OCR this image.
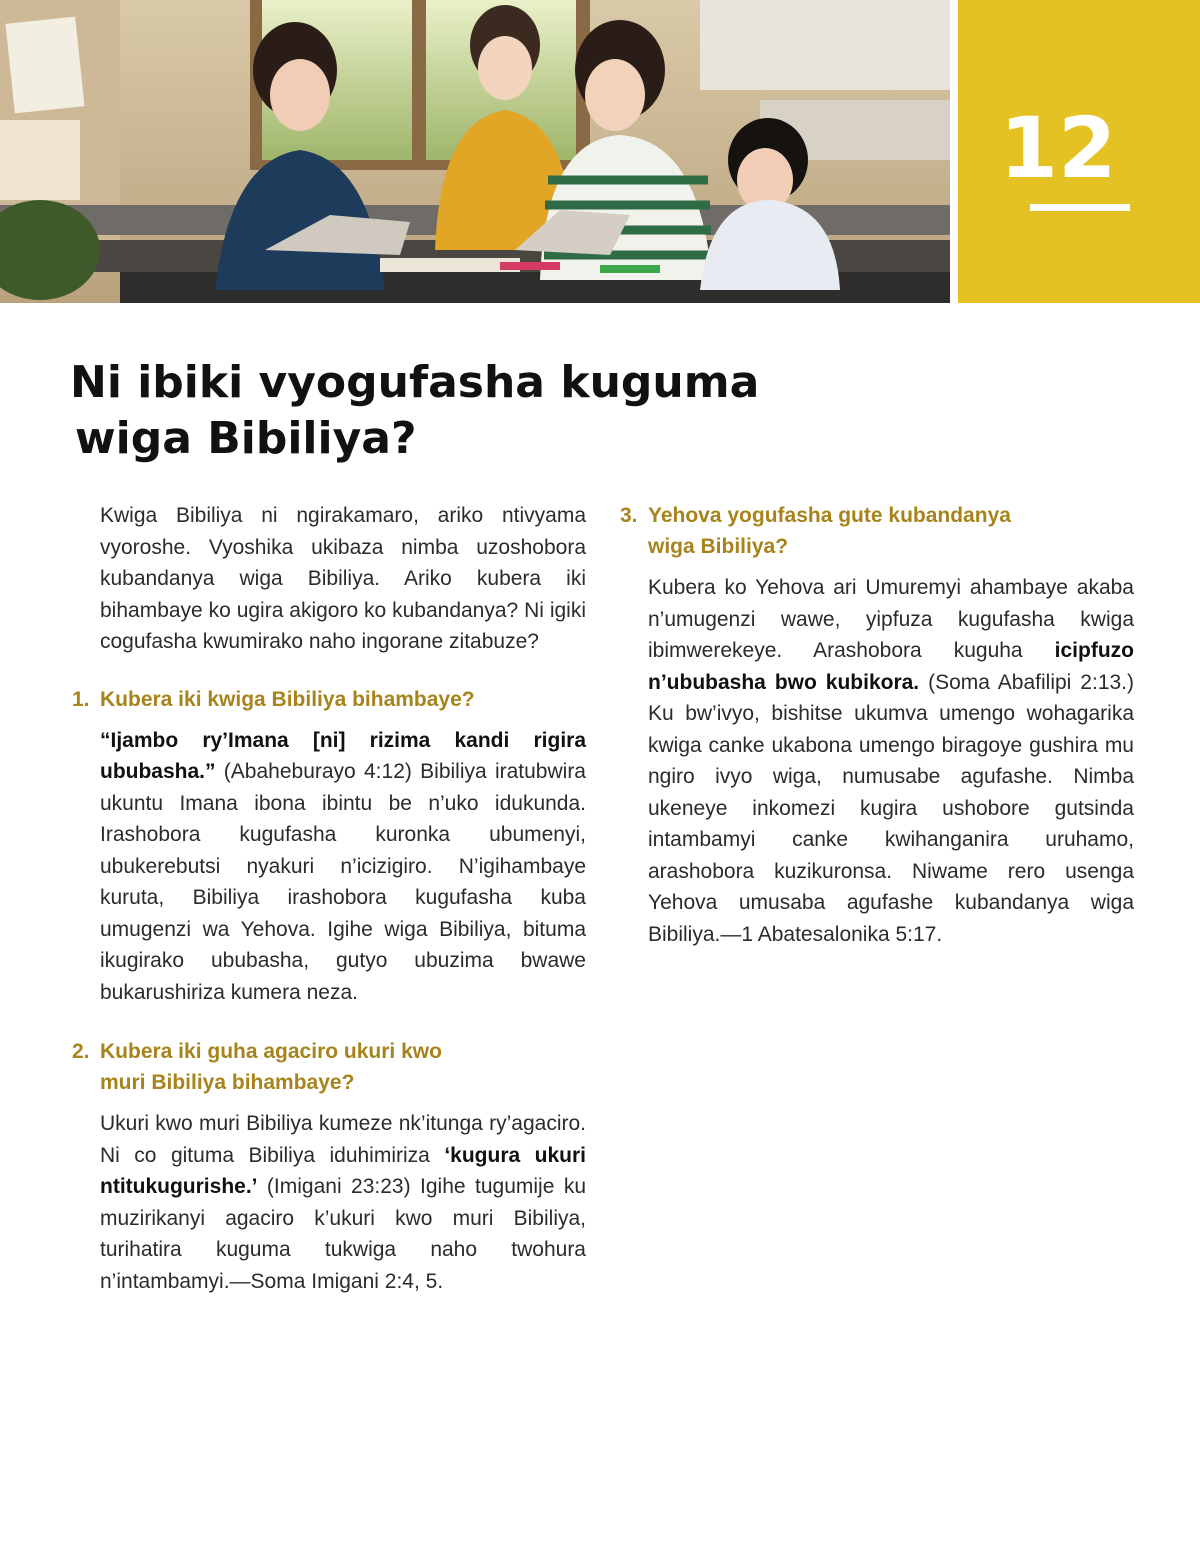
12
Ni ibiki vyogufasha kuguma
wiga Bibiliya?

Kwiga Bibiliya ni ngirakamaro, ariko ntivyama vyoroshe. Vyoshika ukibaza nimba uzoshobora kubandanya wiga Bibiliya. Ariko kubera iki bihambaye ko ugira akigoro ko kubandanya? Ni igiki cogufasha kwumirako naho ingorane zitabuze?

1. Kubera iki kwiga Bibiliya bihambaye?

“Ijambo ry’Imana [ni] rizima kandi rigira ububasha.” (Abaheburayo 4:12) Bibiliya iratubwira ukuntu Imana ibona ibintu be n’uko idukunda. Irashobora kugufasha kuronka ubumenyi, ubukerebutsi nyakuri n’icizigiro. N’igihambaye kuruta, Bibiliya irashobora kugufasha kuba umugenzi wa Yehova. Igihe wiga Bibiliya, bituma ikugirako ububasha, gutyo ubuzima bwawe bukarushiriza kumera neza.

2. Kubera iki guha agaciro ukuri kwo
muri Bibiliya bihambaye?

Ukuri kwo muri Bibiliya kumeze nk’itunga ry’agaciro. Ni co gituma Bibiliya iduhimiriza ‘kugura ukuri ntitukugurishe.’ (Imigani 23:23) Igihe tugumije ku muzirikanyi agaciro k’ukuri kwo muri Bibiliya, turihatira kuguma tukwiga naho twohura n’intambamyi.—Soma Imigani 2:4, 5.

3. Yehova yogufasha gute kubandanya
wiga Bibiliya?

Kubera ko Yehova ari Umuremyi ahambaye akaba n’umugenzi wawe, yipfuza kugufasha kwiga ibimwerekeye. Arashobora kuguha icipfuzo n’ububasha bwo kubikora. (Soma Abafilipi 2:13.) Ku bw’ivyo, bishitse ukumva umengo wohagarika kwiga canke ukabona umengo biragoye gushira mu ngiro ivyo wiga, numusabe agufashe. Nimba ukeneye inkomezi kugira ushobore gutsinda intambamyi canke kwihanganira uruhamo, arashobora kuzikuronsa. Niwame rero usenga Yehova umusaba agufashe kubandanya wiga Bibiliya.—1 Abatesalonika 5:17.
